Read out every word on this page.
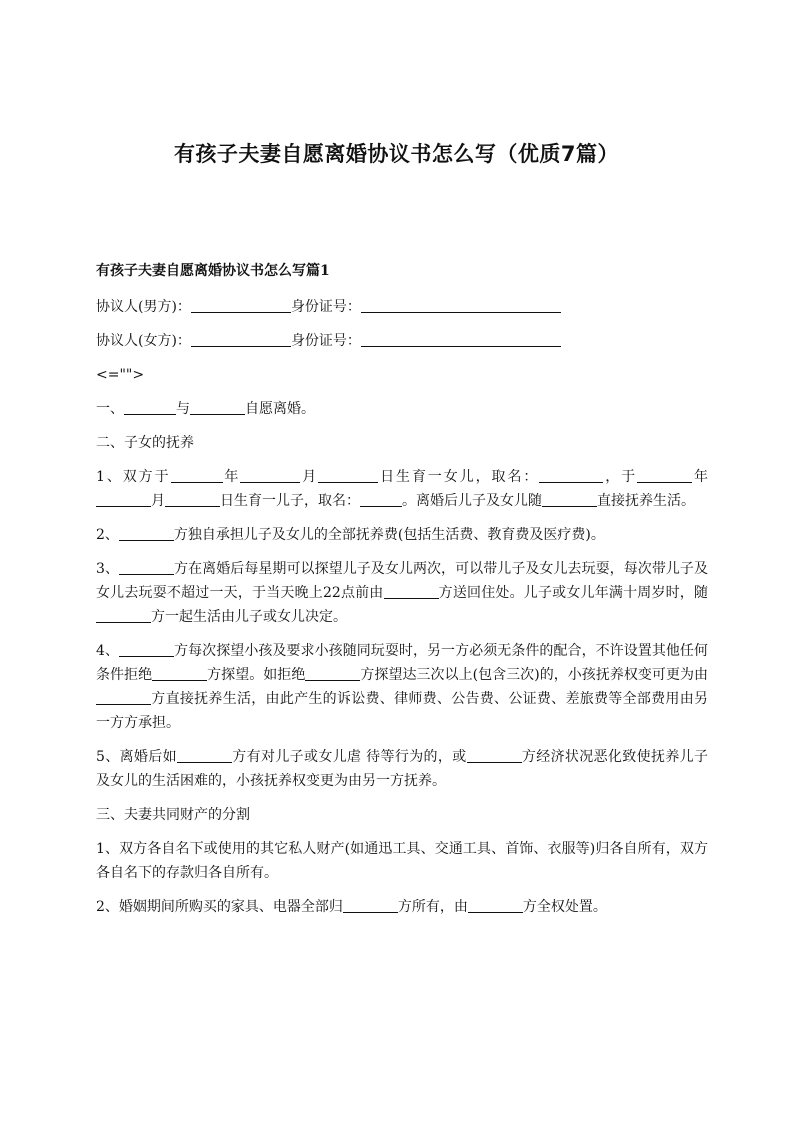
有孩子夫妻自愿离婚协议书怎么写（优质7篇）
有孩子夫妻自愿离婚协议书怎么写篇1
协议人(男方)：	身份证号：
协议人(女方)：	身份证号：
<="">
一、	与	自愿离婚。
二、子女的抚养
1、双方于	年	月	日生育一女儿，取名：	，于	年月	日生育一儿子，取名：	。离婚后儿子及女儿随	直接抚养生活。
2、	方独自承担儿子及女儿的全部抚养费(包括生活费、教育费及医疗费)。
3、	方在离婚后每星期可以探望儿子及女儿两次，可以带儿子及女儿去玩耍，每次带儿子及女儿去玩耍不超过一天，于当天晚上22点前由	方送回住处。儿子或女儿年满十周岁时，随方一起生活由儿子或女儿决定。
4、	方每次探望小孩及要求小孩随同玩耍时，另一方必须无条件的配合，不许设置其他任何条件拒绝	方探望。如拒绝	方探望达三次以上(包含三次)的，小孩抚养权变可更为由方直接抚养生活，由此产生的诉讼费、律师费、公告费、公证费、差旅费等全部费用由另一方方承担。
5、离婚后如	方有对儿子或女儿虐 待等行为的，或	方经济状况恶化致使抚养儿子及女儿的生活困难的，小孩抚养权变更为由另一方抚养。
三、夫妻共同财产的分割
1、双方各自名下或使用的其它私人财产(如通迅工具、交通工具、首饰、衣服等)归各自所有，双方各自名下的存款归各自所有。
2、婚姻期间所购买的家具、电器全部归	方所有，由	方全权处置。
